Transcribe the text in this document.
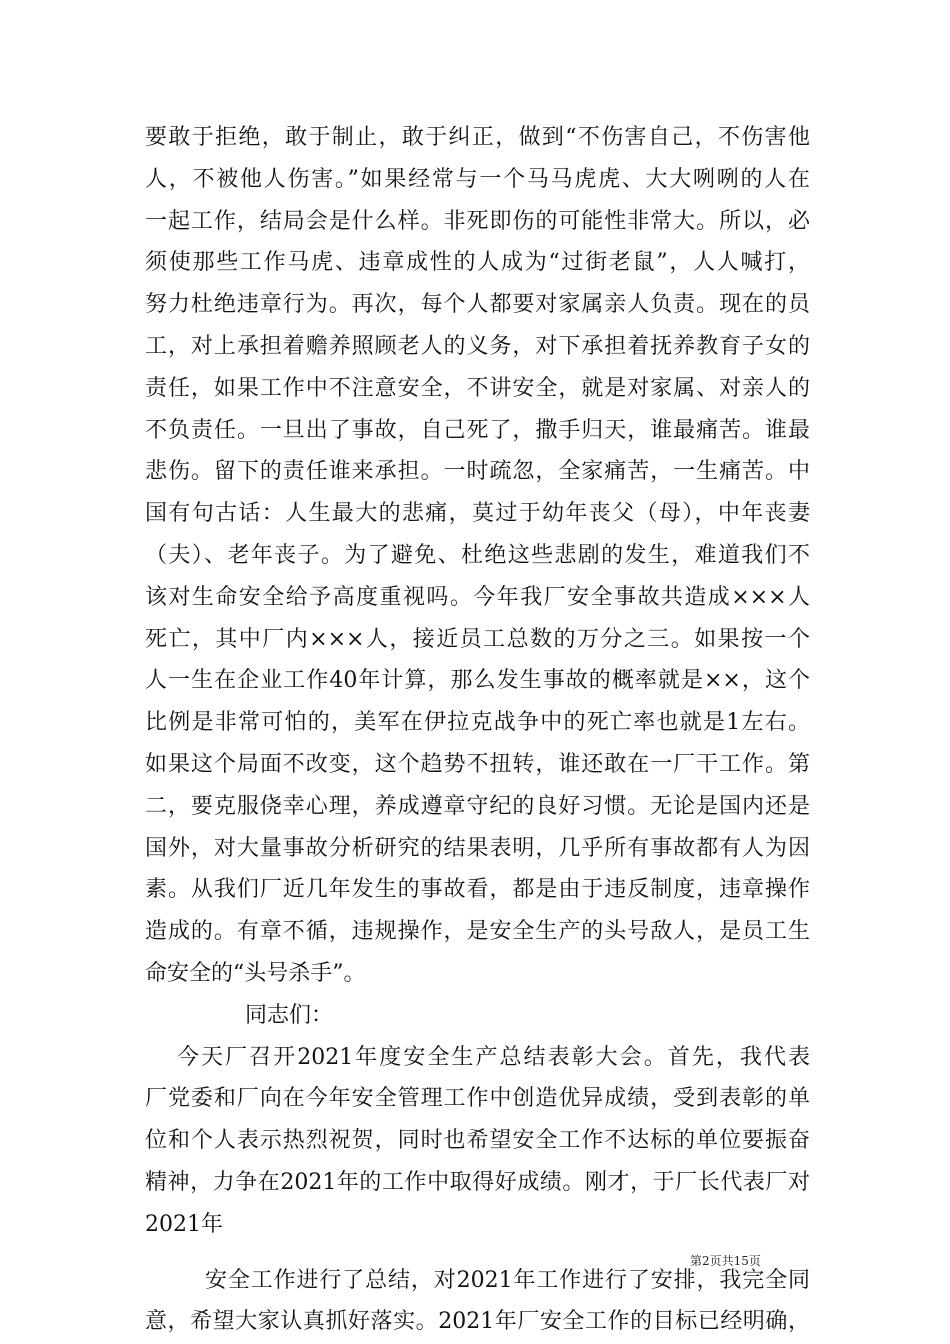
要敢于拒绝，敢于制止，敢于纠正，做到“不伤害自己，不伤害他
人，不被他人伤害。”如果经常与一个马马虎虎、大大咧咧的人在
一起工作，结局会是什么样。非死即伤的可能性非常大。所以，必
须使那些工作马虎、违章成性的人成为“过街老鼠”，人人喊打，
努力杜绝违章行为。再次，每个人都要对家属亲人负责。现在的员
工，对上承担着赡养照顾老人的义务，对下承担着抚养教育子女的
责任，如果工作中不注意安全，不讲安全，就是对家属、对亲人的
不负责任。一旦出了事故，自己死了，撒手归天，谁最痛苦。谁最
悲伤。留下的责任谁来承担。一时疏忽，全家痛苦，一生痛苦。中
国有句古话：人生最大的悲痛，莫过于幼年丧父（母），中年丧妻
（夫）、老年丧子。为了避免、杜绝这些悲剧的发生，难道我们不
该对生命安全给予高度重视吗。今年我厂安全事故共造成×××人
死亡，其中厂内×××人，接近员工总数的万分之三。如果按一个
人一生在企业工作40年计算，那么发生事故的概率就是××，这个
比例是非常可怕的，美军在伊拉克战争中的死亡率也就是1左右。
如果这个局面不改变，这个趋势不扭转，谁还敢在一厂干工作。第
二，要克服侥幸心理，养成遵章守纪的良好习惯。无论是国内还是
国外，对大量事故分析研究的结果表明，几乎所有事故都有人为因
素。从我们厂近几年发生的事故看，都是由于违反制度，违章操作
造成的。有章不循，违规操作，是安全生产的头号敌人，是员工生
命安全的“头号杀手”。
同志们：
今天厂召开2021年度安全生产总结表彰大会。首先，我代表
厂党委和厂向在今年安全管理工作中创造优异成绩，受到表彰的单
位和个人表示热烈祝贺，同时也希望安全工作不达标的单位要振奋
精神，力争在2021年的工作中取得好成绩。刚才，于厂长代表厂对
2021年
安全工作进行了总结，对2021年工作进行了安排，我完全同
意，希望大家认真抓好落实。2021年厂安全工作的目标已经明确，
第2页共15页
